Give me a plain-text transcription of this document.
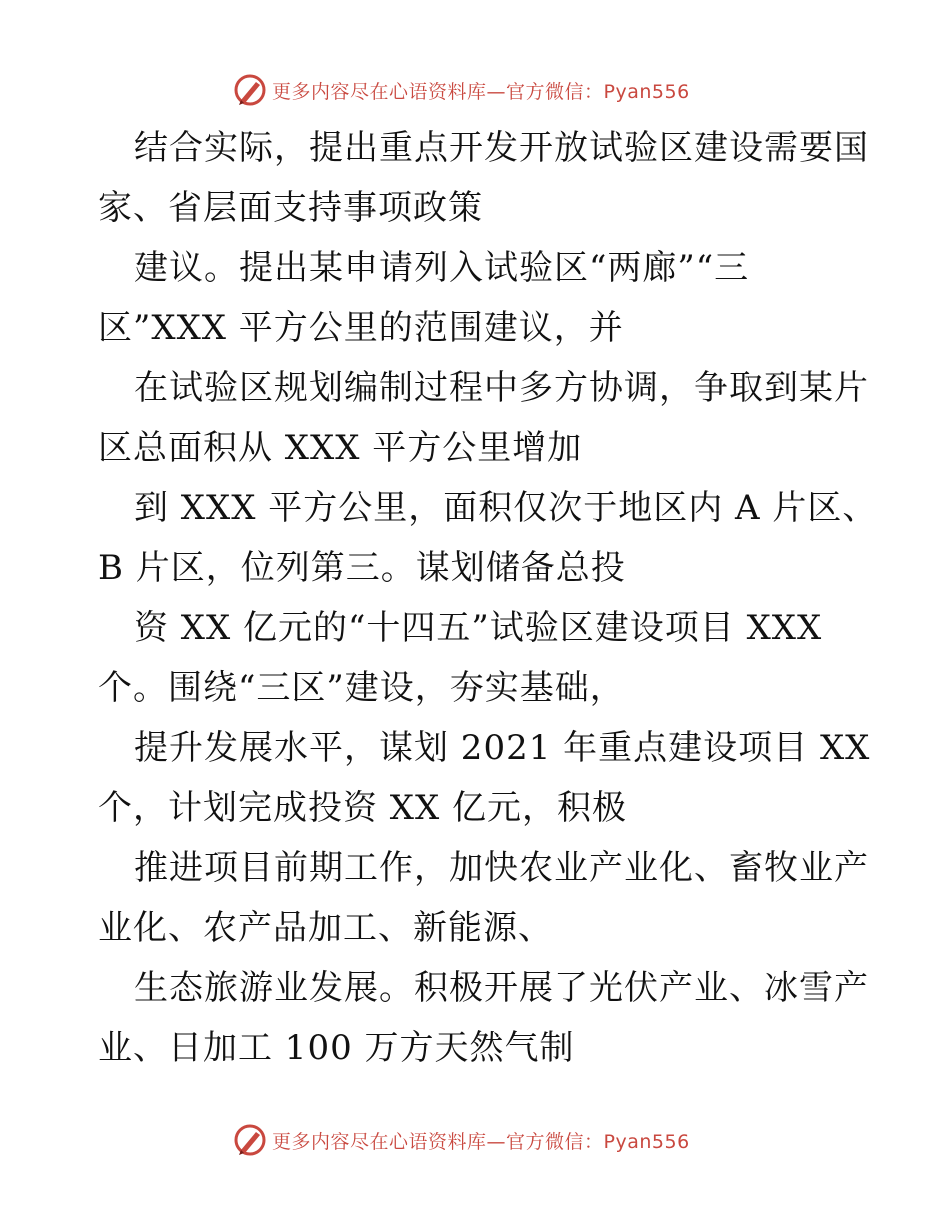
更多内容尽在心语资料库—官方微信：Pyan556
结合实际，提出重点开发开放试验区建设需要国
家、省层面支持事项政策
建议。提出某申请列入试验区“两廊”“三
区”XXX 平方公里的范围建议，并
在试验区规划编制过程中多方协调，争取到某片
区总面积从 XXX 平方公里增加
到 XXX 平方公里，面积仅次于地区内 A 片区、
B 片区，位列第三。谋划储备总投
资 XX 亿元的“十四五”试验区建设项目 XXX
个。围绕“三区”建设，夯实基础，
提升发展水平，谋划 2021 年重点建设项目 XX
个，计划完成投资 XX 亿元，积极
推进项目前期工作，加快农业产业化、畜牧业产
业化、农产品加工、新能源、
生态旅游业发展。积极开展了光伏产业、冰雪产
业、日加工 100 万方天然气制
更多内容尽在心语资料库—官方微信：Pyan556
